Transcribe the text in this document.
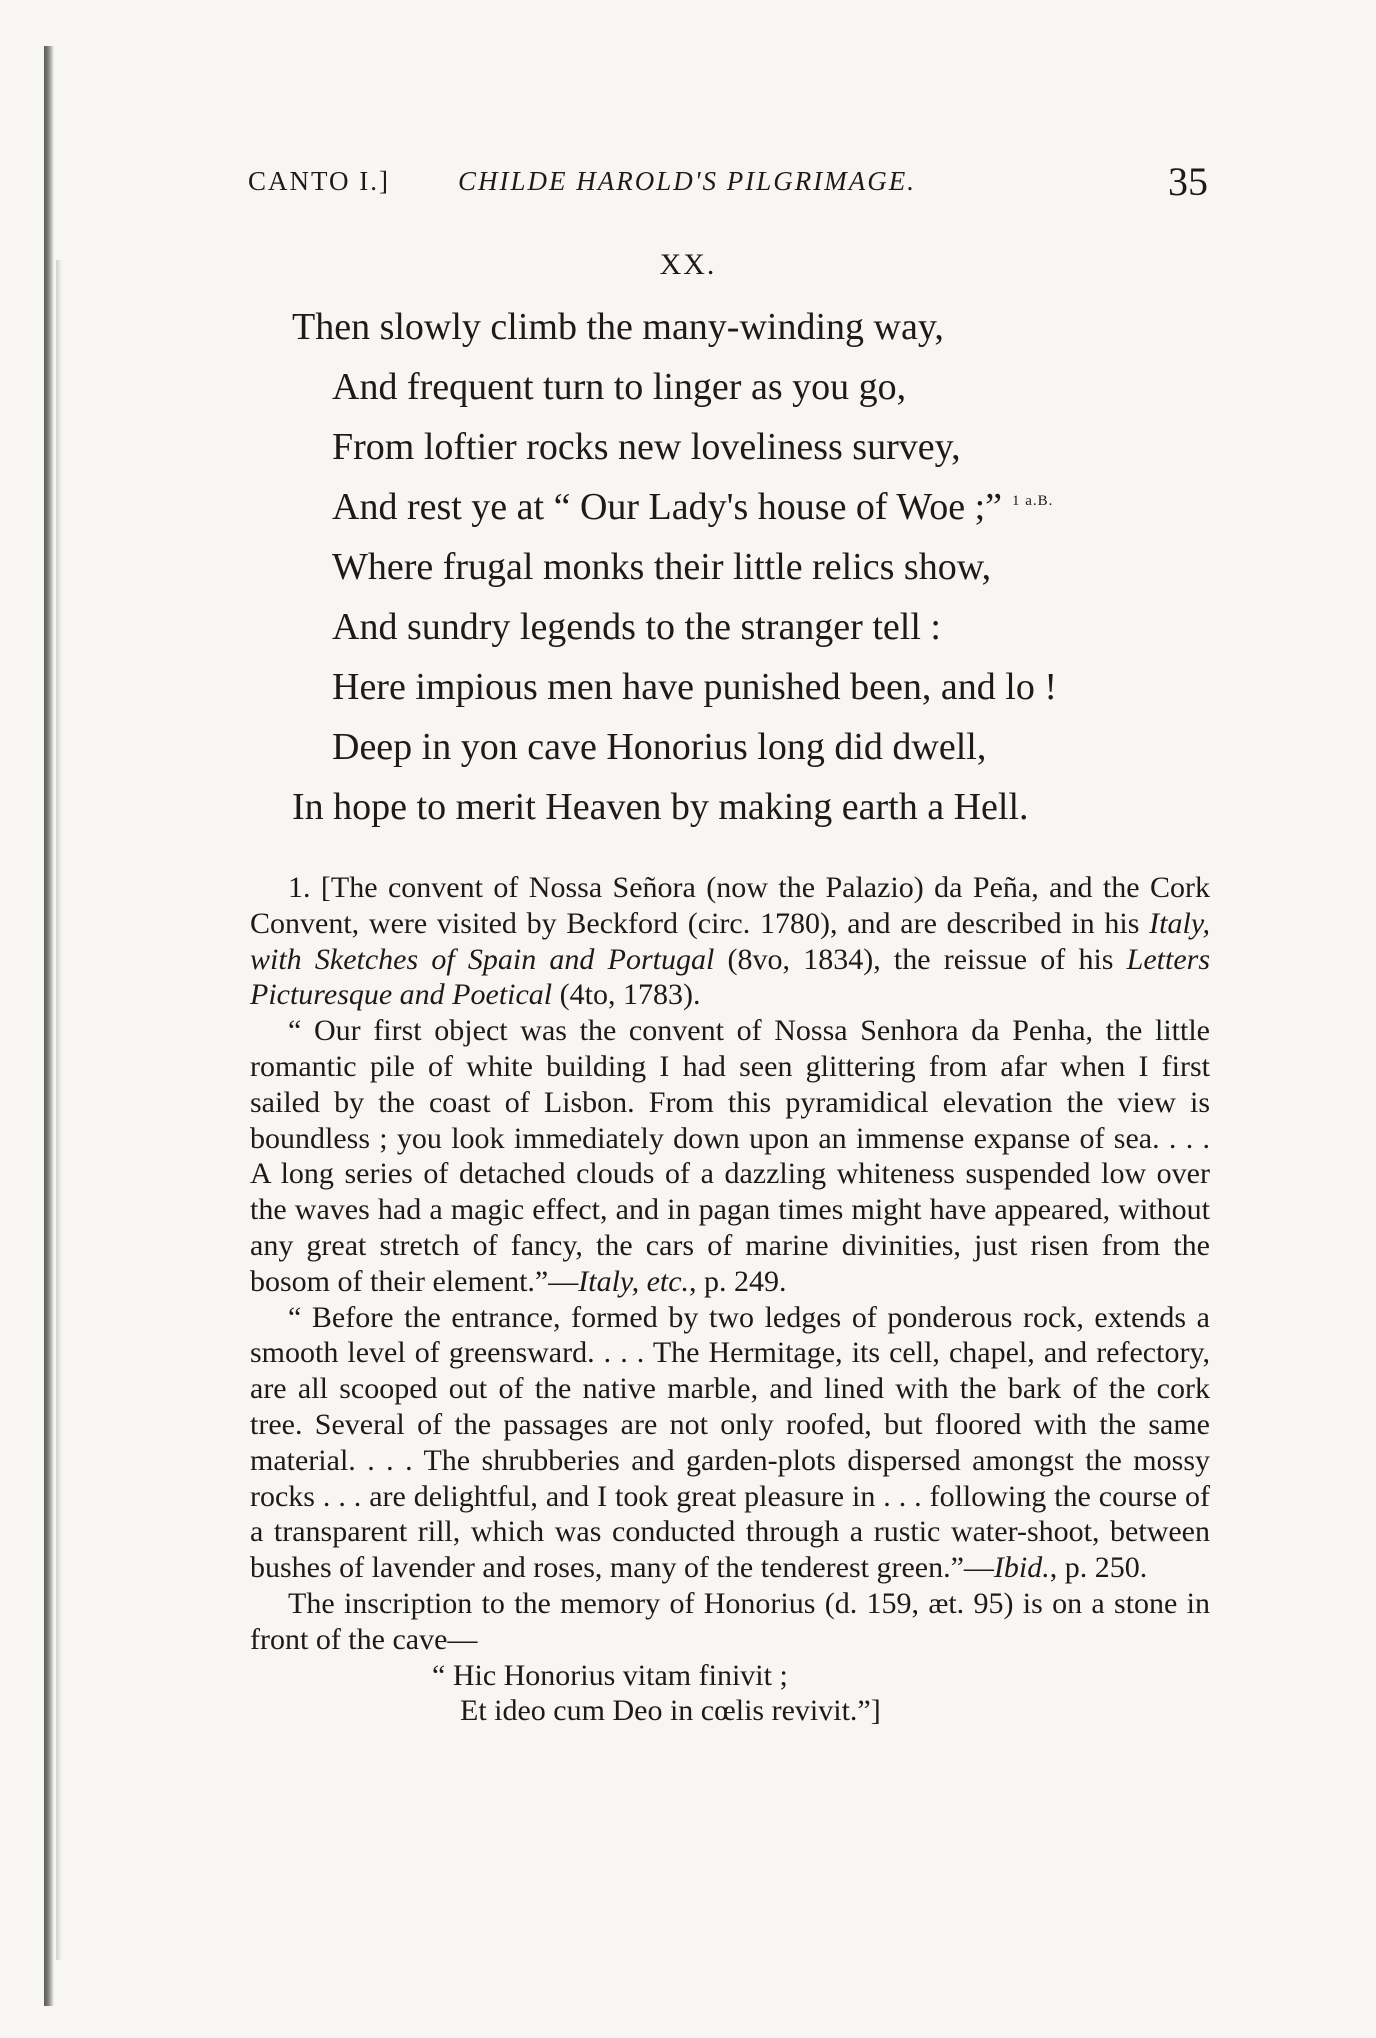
CANTO I.]	CHILDE HAROLD'S PILGRIMAGE.	35
XX.
Then slowly climb the many-winding way,
And frequent turn to linger as you go,
From loftier rocks new loveliness survey,
And rest ye at “ Our Lady's house of Woe ;” $^{1 a.B.}$
Where frugal monks their little relics show,
And sundry legends to the stranger tell :
Here impious men have punished been, and lo !
Deep in yon cave Honorius long did dwell,
In hope to merit Heaven by making earth a Hell.

1. [The convent of Nossa Señora (now the Palazio) da Peña, and the Cork Convent, were visited by Beckford (circ. 1780), and are described in his Italy, with Sketches of Spain and Portugal (8vo, 1834), the reissue of his Letters Picturesque and Poetical (4to, 1783).

“ Our first object was the convent of Nossa Senhora da Penha, the little romantic pile of white building I had seen glittering from afar when I first sailed by the coast of Lisbon. From this pyramidical elevation the view is boundless ; you look immediately down upon an immense expanse of sea. . . . A long series of detached clouds of a dazzling whiteness suspended low over the waves had a magic effect, and in pagan times might have appeared, without any great stretch of fancy, the cars of marine divinities, just risen from the bosom of their element.”—Italy, etc., p. 249.

“ Before the entrance, formed by two ledges of ponderous rock, extends a smooth level of greensward. . . . The Hermitage, its cell, chapel, and refectory, are all scooped out of the native marble, and lined with the bark of the cork tree. Several of the passages are not only roofed, but floored with the same material. . . . The shrubberies and garden-plots dispersed amongst the mossy rocks . . . are delightful, and I took great pleasure in . . . following the course of a transparent rill, which was conducted through a rustic water-shoot, between bushes of lavender and roses, many of the tenderest green.”—Ibid., p. 250.

The inscription to the memory of Honorius (d. 159, æt. 95) is on a stone in front of the cave—

“ Hic Honorius vitam finivit ;

Et ideo cum Deo in cœlis revivit.”]
